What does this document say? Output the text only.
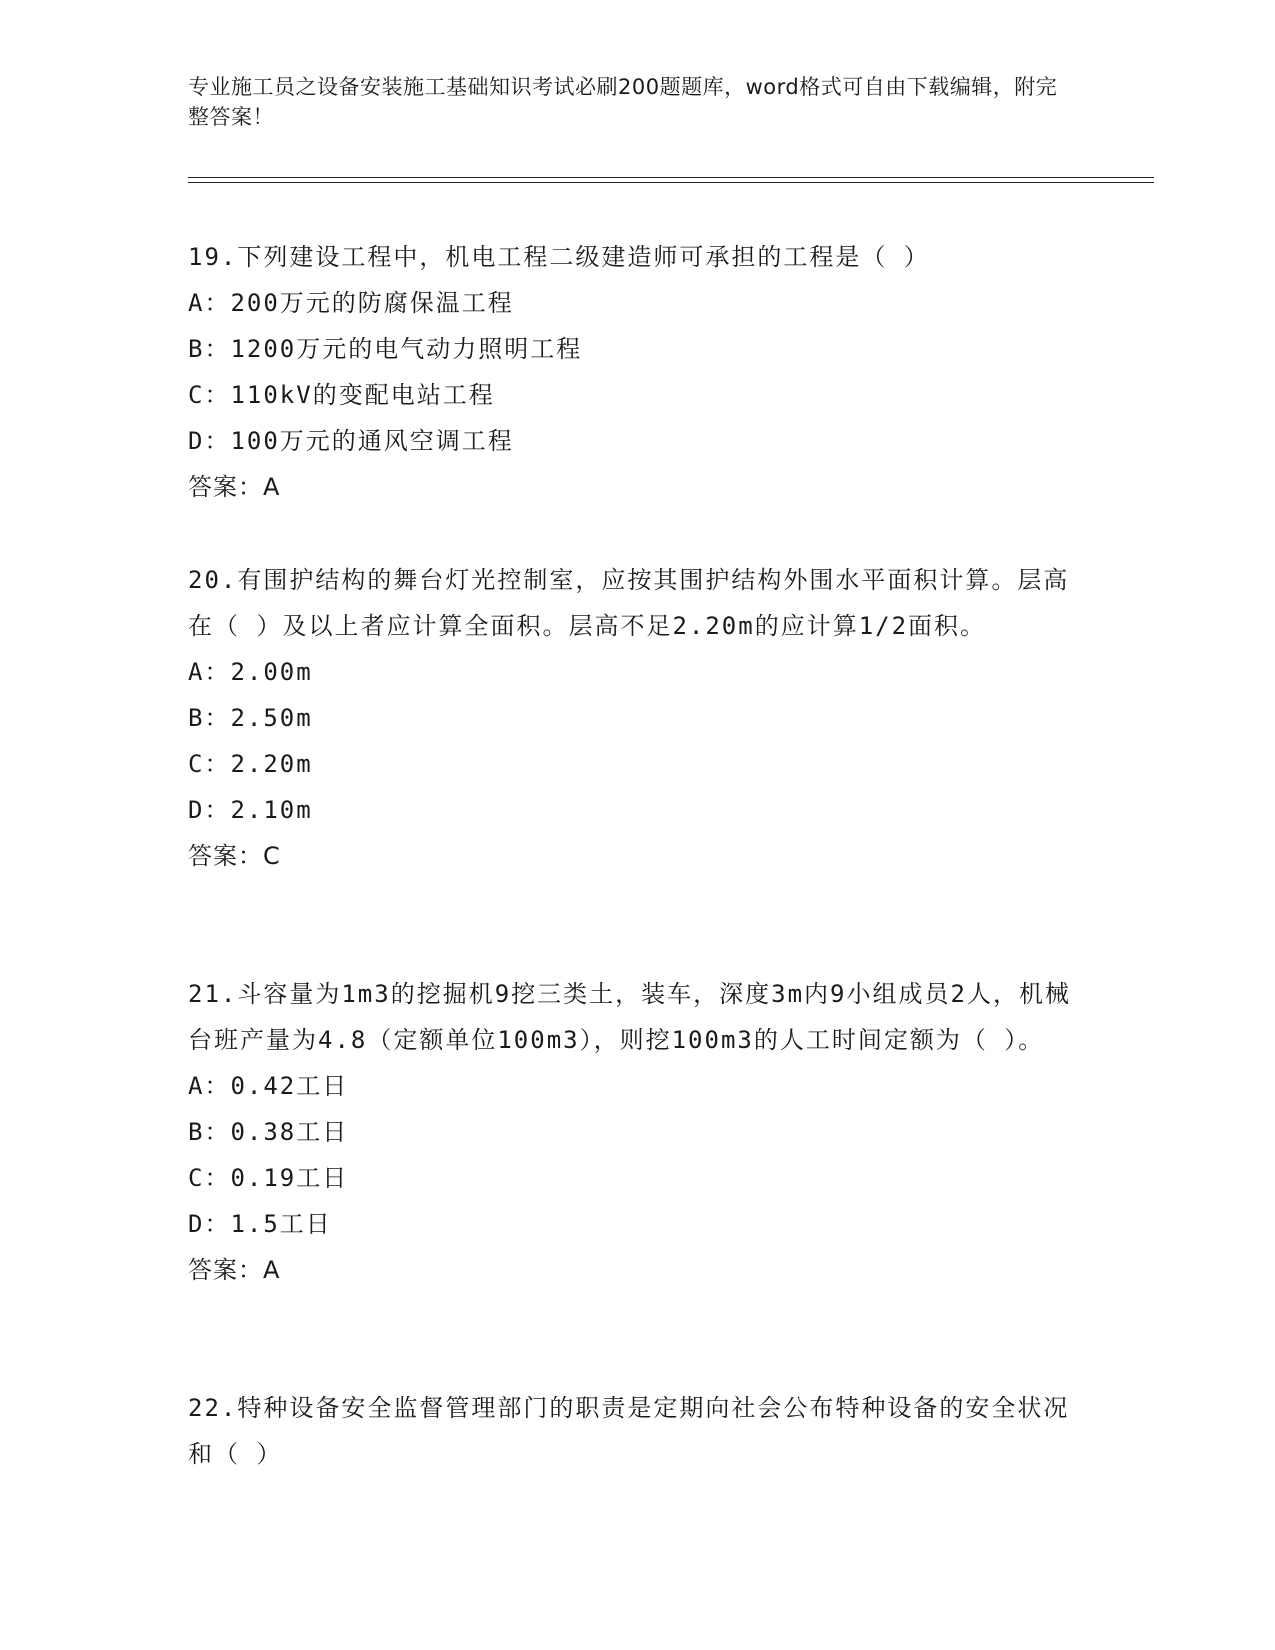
专业施工员之设备安装施工基础知识考试必刷200题题库，word格式可自由下载编辑，附完整答案！

19.下列建设工程中，机电工程二级建造师可承担的工程是（ ）

A：200万元的防腐保温工程

B：1200万元的电气动力照明工程

C：110kV的变配电站工程

D：100万元的通风空调工程

答案：A

20.有围护结构的舞台灯光控制室，应按其围护结构外围水平面积计算。层高在（ ）及以上者应计算全面积。层高不足2.20m的应计算1/2面积。

A：2.00m

B：2.50m

C：2.20m

D：2.10m

答案：C

21.斗容量为1m3的挖掘机9挖三类土，装车，深度3m内9小组成员2人，机械台班产量为4.8（定额单位100m3），则挖100m3的人工时间定额为（ ）。

A：0.42工日

B：0.38工日

C：0.19工日

D：1.5工日

答案：A

22.特种设备安全监督管理部门的职责是定期向社会公布特种设备的安全状况和（ ）
